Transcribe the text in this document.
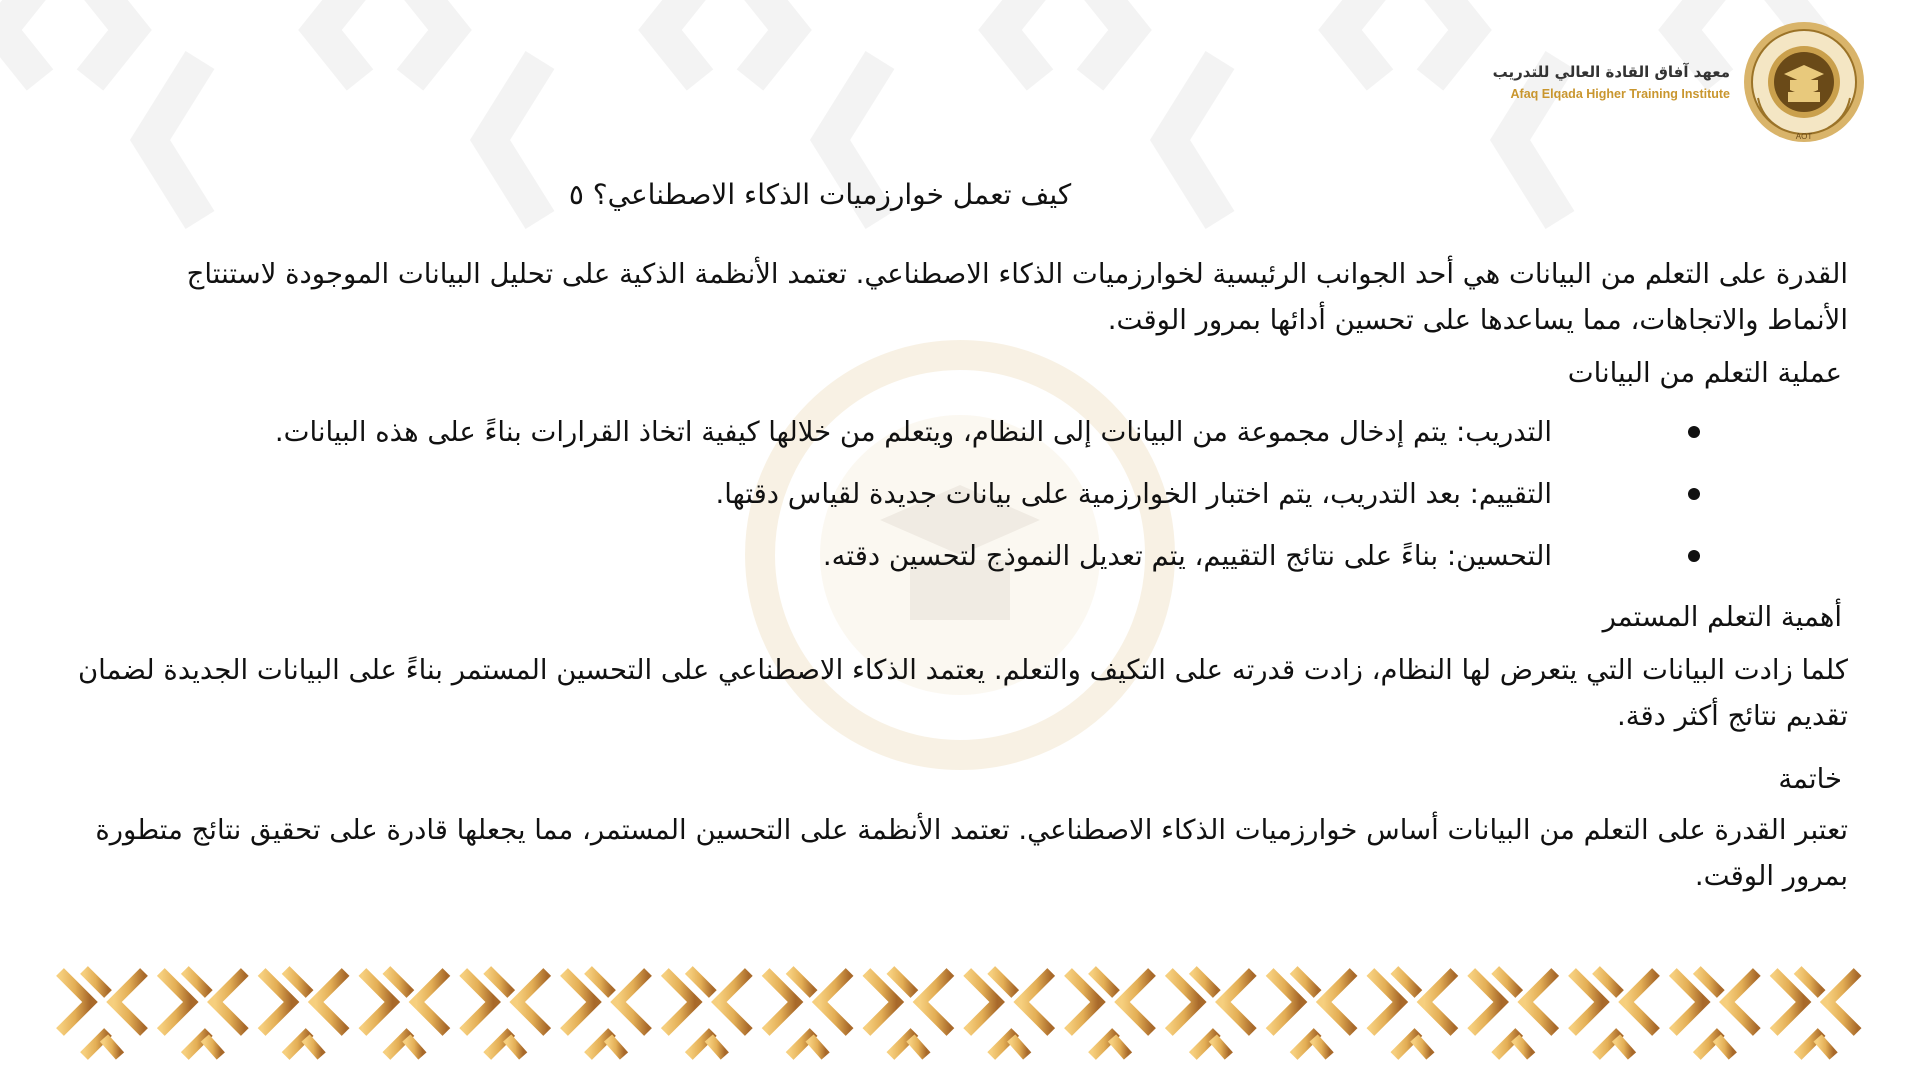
معهد آفاق القادة العالي للتدريب
Afaq Elqada Higher Training Institute
AOT
كيف تعمل خوارزميات الذكاء الاصطناعي؟ ٥

القدرة على التعلم من البيانات هي أحد الجوانب الرئيسية لخوارزميات الذكاء الاصطناعي. تعتمد الأنظمة الذكية على تحليل البيانات الموجودة لاستنتاج الأنماط والاتجاهات، مما يساعدها على تحسين أدائها بمرور الوقت.

عملية التعلم من البيانات
التدريب: يتم إدخال مجموعة من البيانات إلى النظام، ويتعلم من خلالها كيفية اتخاذ القرارات بناءً على هذه البيانات.
التقييم: بعد التدريب، يتم اختبار الخوارزمية على بيانات جديدة لقياس دقتها.
التحسين: بناءً على نتائج التقييم، يتم تعديل النموذج لتحسين دقته.
أهمية التعلم المستمر

كلما زادت البيانات التي يتعرض لها النظام، زادت قدرته على التكيف والتعلم. يعتمد الذكاء الاصطناعي على التحسين المستمر بناءً على البيانات الجديدة لضمان تقديم نتائج أكثر دقة.

خاتمة

تعتبر القدرة على التعلم من البيانات أساس خوارزميات الذكاء الاصطناعي. تعتمد الأنظمة على التحسين المستمر، مما يجعلها قادرة على تحقيق نتائج متطورة بمرور الوقت.
